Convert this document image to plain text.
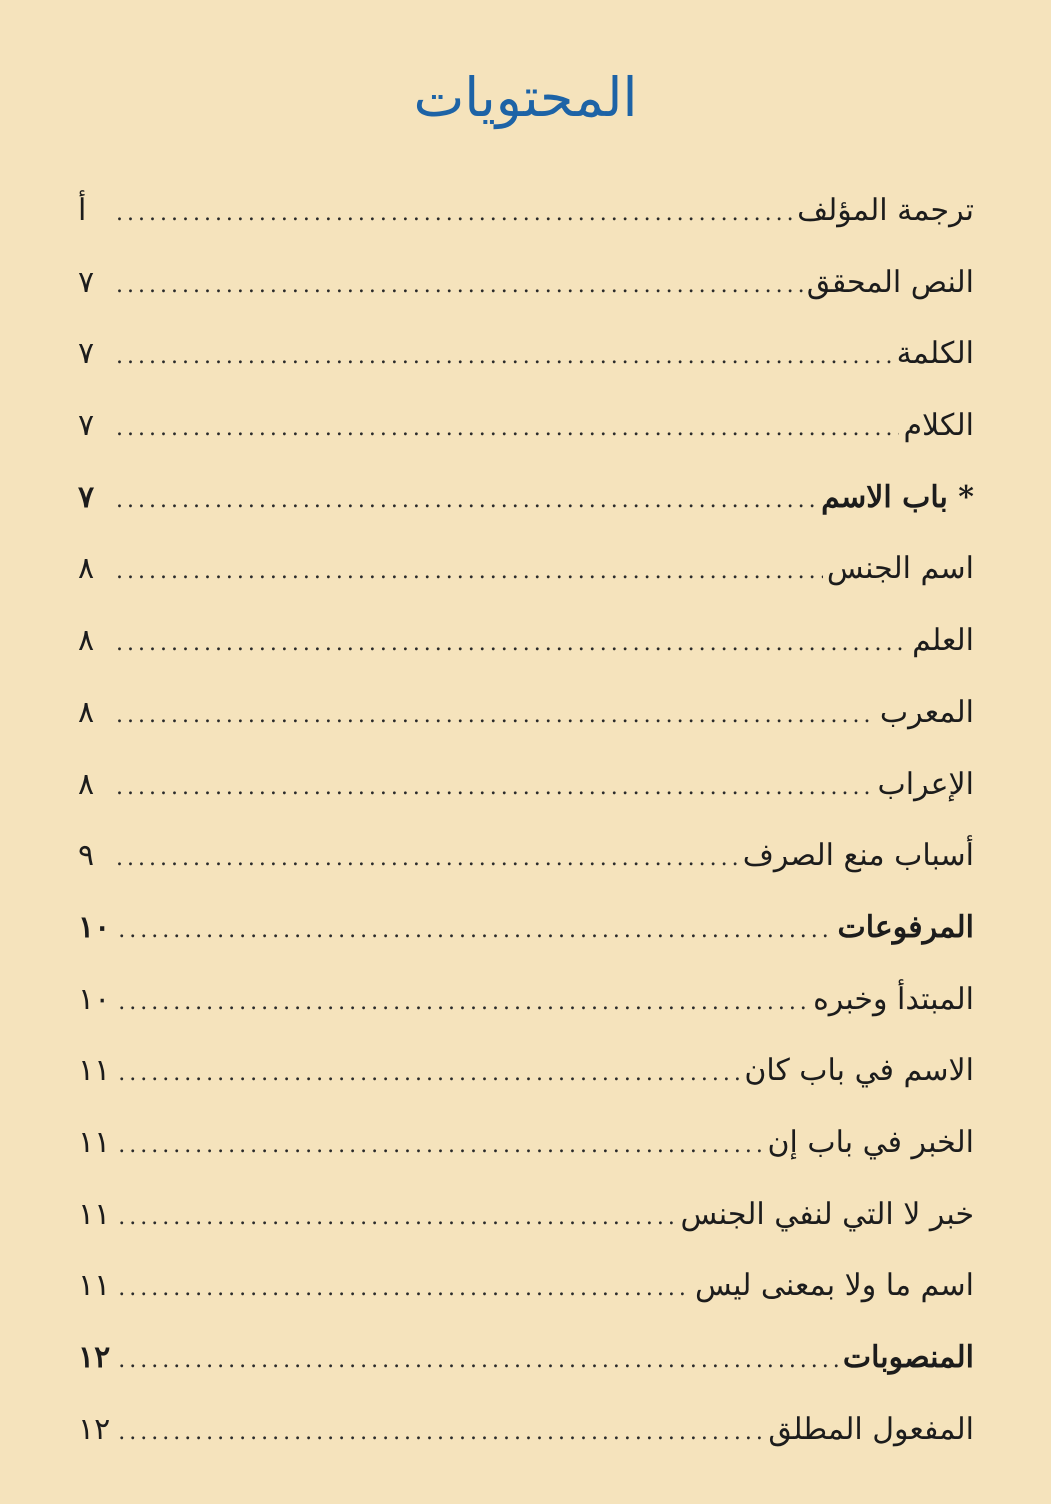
المحتويات
ترجمة المؤلف
.....
أ
النص المحقق
.....
٧
الكلمة
.....
٧
الكلام
.....
٧
* باب الاسم
.....
٧
اسم الجنس
.....
٨
العلم
.....
٨
المعرب
.....
٨
الإعراب
.....
٨
أسباب منع الصرف
.....
٩
المرفوعات
.....
١٠
المبتدأ وخبره
.....
١٠
الاسم في باب كان
.....
١١
الخبر في باب إن
.....
١١
خبر لا التي لنفي الجنس
.....
١١
اسم ما ولا بمعنى ليس
.....
١١
المنصوبات
.....
١٢
المفعول المطلق
.....
١٢
